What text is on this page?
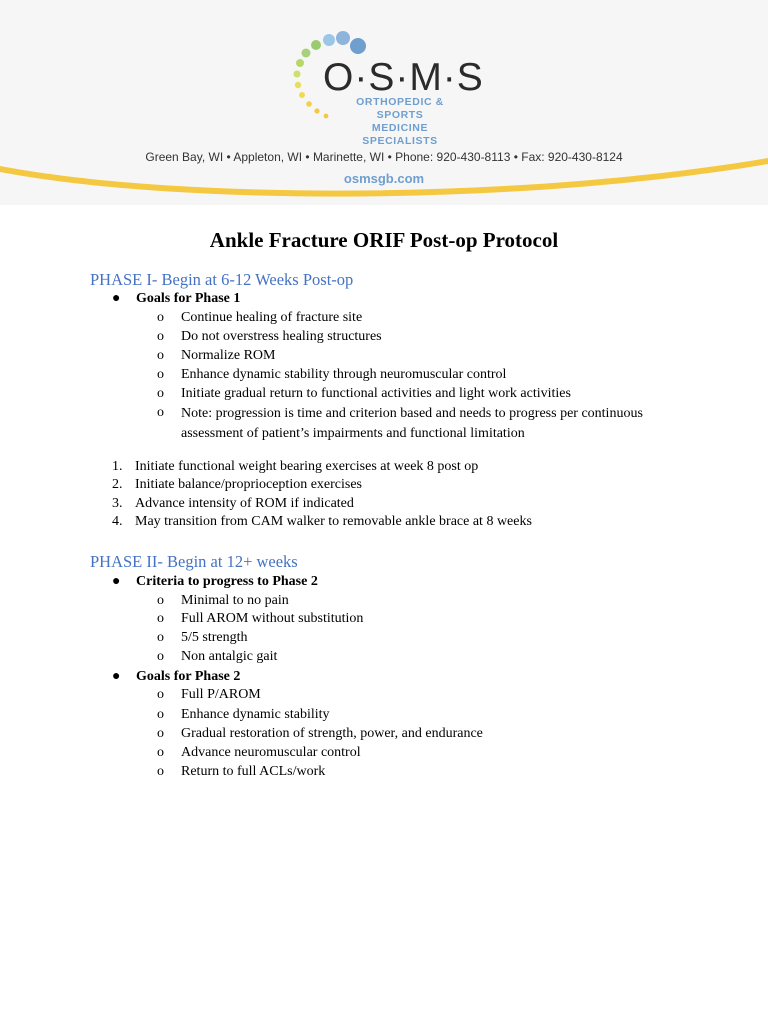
O·S·M·S
ORTHOPEDIC & SPORTS
MEDICINE SPECIALISTS
Green Bay, WI • Appleton, WI • Marinette, WI • Phone: 920-430-8113 • Fax: 920-430-8124
osmsgb.com
Ankle Fracture ORIF Post-op Protocol
PHASE I- Begin at 6-12 Weeks Post-op
● Goals for Phase 1
o Continue healing of fracture site
o Do not overstress healing structures
o Normalize ROM
o Enhance dynamic stability through neuromuscular control
o Initiate gradual return to functional activities and light work activities
o Note: progression is time and criterion based and needs to progress per continuous
assessment of patient’s impairments and functional limitation
1. Initiate functional weight bearing exercises at week 8 post op
2. Initiate balance/proprioception exercises
3. Advance intensity of ROM if indicated
4. May transition from CAM walker to removable ankle brace at 8 weeks
PHASE II- Begin at 12+ weeks
● Criteria to progress to Phase 2
o Minimal to no pain
o Full AROM without substitution
o 5/5 strength
o Non antalgic gait
● Goals for Phase 2
o Full P/AROM
o Enhance dynamic stability
o Gradual restoration of strength, power, and endurance
o Advance neuromuscular control
o Return to full ACLs/work
